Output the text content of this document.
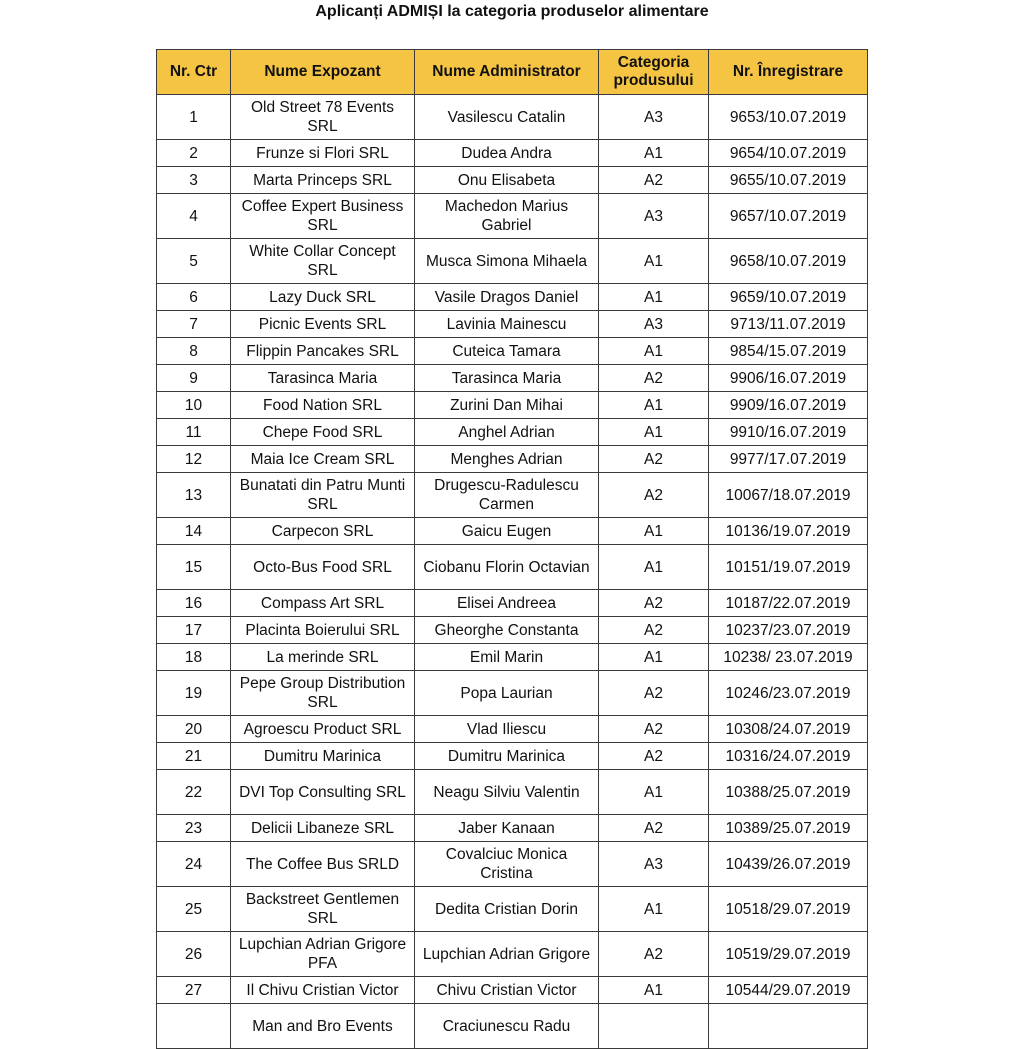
Aplicanți ADMIȘI la categoria produselor alimentare
Nr. Ctr	Nume Expozant	Nume Administrator	Categoria produsului	Nr. Înregistrare
1	Old Street 78 Events SRL	Vasilescu Catalin	A3	9653/10.07.2019
2	Frunze si Flori SRL	Dudea Andra	A1	9654/10.07.2019
3	Marta Princeps SRL	Onu Elisabeta	A2	9655/10.07.2019
4	Coffee Expert Business SRL	Machedon Marius Gabriel	A3	9657/10.07.2019
5	White Collar Concept SRL	Musca Simona Mihaela	A1	9658/10.07.2019
6	Lazy Duck SRL	Vasile Dragos Daniel	A1	9659/10.07.2019
7	Picnic Events SRL	Lavinia Mainescu	A3	9713/11.07.2019
8	Flippin Pancakes SRL	Cuteica Tamara	A1	9854/15.07.2019
9	Tarasinca Maria	Tarasinca Maria	A2	9906/16.07.2019
10	Food Nation SRL	Zurini Dan Mihai	A1	9909/16.07.2019
11	Chepe Food SRL	Anghel Adrian	A1	9910/16.07.2019
12	Maia Ice Cream SRL	Menghes Adrian	A2	9977/17.07.2019
13	Bunatati din Patru Munti SRL	Drugescu-Radulescu Carmen	A2	10067/18.07.2019
14	Carpecon SRL	Gaicu Eugen	A1	10136/19.07.2019
15	Octo-Bus Food SRL	Ciobanu Florin Octavian	A1	10151/19.07.2019
16	Compass Art SRL	Elisei Andreea	A2	10187/22.07.2019
17	Placinta Boierului SRL	Gheorghe Constanta	A2	10237/23.07.2019
18	La merinde SRL	Emil Marin	A1	10238/ 23.07.2019
19	Pepe Group Distribution SRL	Popa Laurian	A2	10246/23.07.2019
20	Agroescu Product SRL	Vlad Iliescu	A2	10308/24.07.2019
21	Dumitru Marinica	Dumitru Marinica	A2	10316/24.07.2019
22	DVI Top Consulting SRL	Neagu Silviu Valentin	A1	10388/25.07.2019
23	Delicii Libaneze SRL	Jaber Kanaan	A2	10389/25.07.2019
24	The Coffee Bus SRLD	Covalciuc Monica Cristina	A3	10439/26.07.2019
25	Backstreet Gentlemen SRL	Dedita Cristian Dorin	A1	10518/29.07.2019
26	Lupchian Adrian Grigore PFA	Lupchian Adrian Grigore	A2	10519/29.07.2019
27	Il Chivu Cristian Victor	Chivu Cristian Victor	A1	10544/29.07.2019
	Man and Bro Events	Craciunescu Radu		
